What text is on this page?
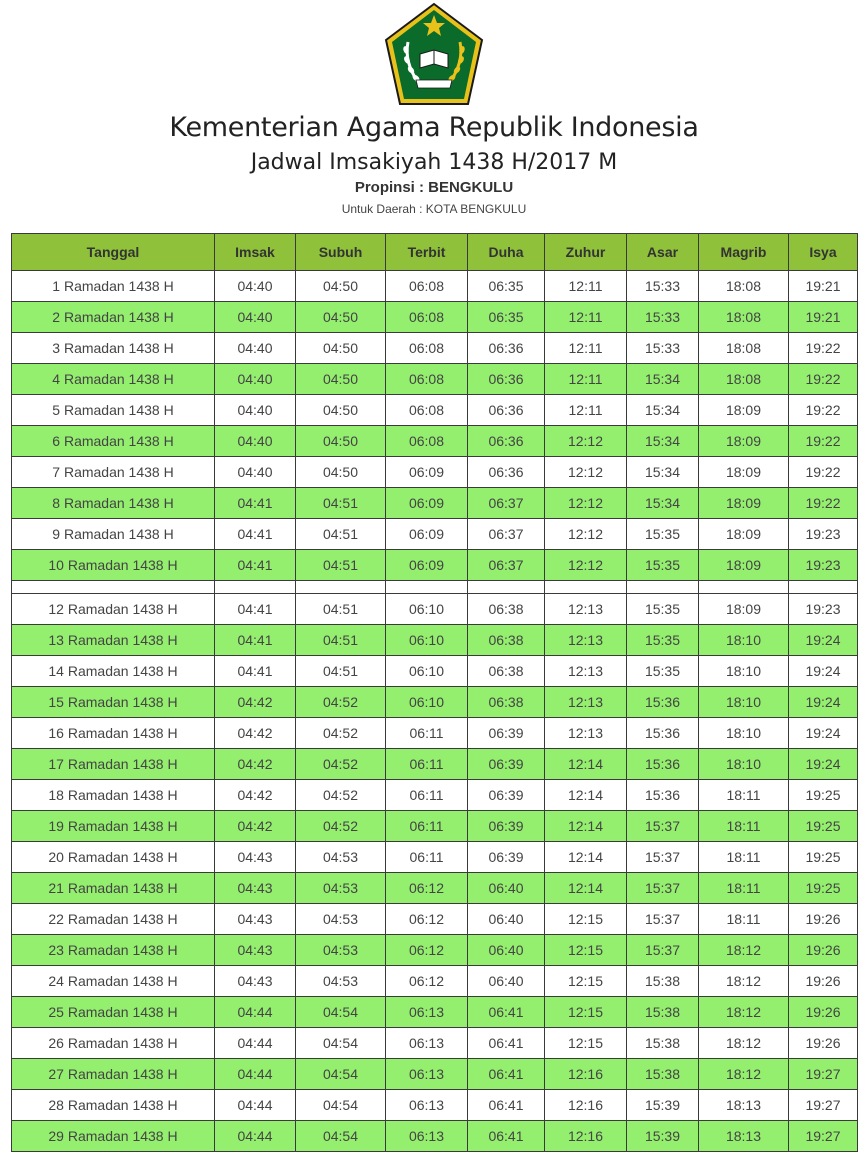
Kementerian Agama Republik Indonesia
Jadwal Imsakiyah 1438 H/2017 M
Propinsi : BENGKULU
Untuk Daerah : KOTA BENGKULU
Tanggal	Imsak	Subuh	Terbit	Duha	Zuhur	Asar	Magrib	Isya
1 Ramadan 1438 H	04:40	04:50	06:08	06:35	12:11	15:33	18:08	19:21
2 Ramadan 1438 H	04:40	04:50	06:08	06:35	12:11	15:33	18:08	19:21
3 Ramadan 1438 H	04:40	04:50	06:08	06:36	12:11	15:33	18:08	19:22
4 Ramadan 1438 H	04:40	04:50	06:08	06:36	12:11	15:34	18:08	19:22
5 Ramadan 1438 H	04:40	04:50	06:08	06:36	12:11	15:34	18:09	19:22
6 Ramadan 1438 H	04:40	04:50	06:08	06:36	12:12	15:34	18:09	19:22
7 Ramadan 1438 H	04:40	04:50	06:09	06:36	12:12	15:34	18:09	19:22
8 Ramadan 1438 H	04:41	04:51	06:09	06:37	12:12	15:34	18:09	19:22
9 Ramadan 1438 H	04:41	04:51	06:09	06:37	12:12	15:35	18:09	19:23
10 Ramadan 1438 H	04:41	04:51	06:09	06:37	12:12	15:35	18:09	19:23

12 Ramadan 1438 H	04:41	04:51	06:10	06:38	12:13	15:35	18:09	19:23
13 Ramadan 1438 H	04:41	04:51	06:10	06:38	12:13	15:35	18:10	19:24
14 Ramadan 1438 H	04:41	04:51	06:10	06:38	12:13	15:35	18:10	19:24
15 Ramadan 1438 H	04:42	04:52	06:10	06:38	12:13	15:36	18:10	19:24
16 Ramadan 1438 H	04:42	04:52	06:11	06:39	12:13	15:36	18:10	19:24
17 Ramadan 1438 H	04:42	04:52	06:11	06:39	12:14	15:36	18:10	19:24
18 Ramadan 1438 H	04:42	04:52	06:11	06:39	12:14	15:36	18:11	19:25
19 Ramadan 1438 H	04:42	04:52	06:11	06:39	12:14	15:37	18:11	19:25
20 Ramadan 1438 H	04:43	04:53	06:11	06:39	12:14	15:37	18:11	19:25
21 Ramadan 1438 H	04:43	04:53	06:12	06:40	12:14	15:37	18:11	19:25
22 Ramadan 1438 H	04:43	04:53	06:12	06:40	12:15	15:37	18:11	19:26
23 Ramadan 1438 H	04:43	04:53	06:12	06:40	12:15	15:37	18:12	19:26
24 Ramadan 1438 H	04:43	04:53	06:12	06:40	12:15	15:38	18:12	19:26
25 Ramadan 1438 H	04:44	04:54	06:13	06:41	12:15	15:38	18:12	19:26
26 Ramadan 1438 H	04:44	04:54	06:13	06:41	12:15	15:38	18:12	19:26
27 Ramadan 1438 H	04:44	04:54	06:13	06:41	12:16	15:38	18:12	19:27
28 Ramadan 1438 H	04:44	04:54	06:13	06:41	12:16	15:39	18:13	19:27
29 Ramadan 1438 H	04:44	04:54	06:13	06:41	12:16	15:39	18:13	19:27
